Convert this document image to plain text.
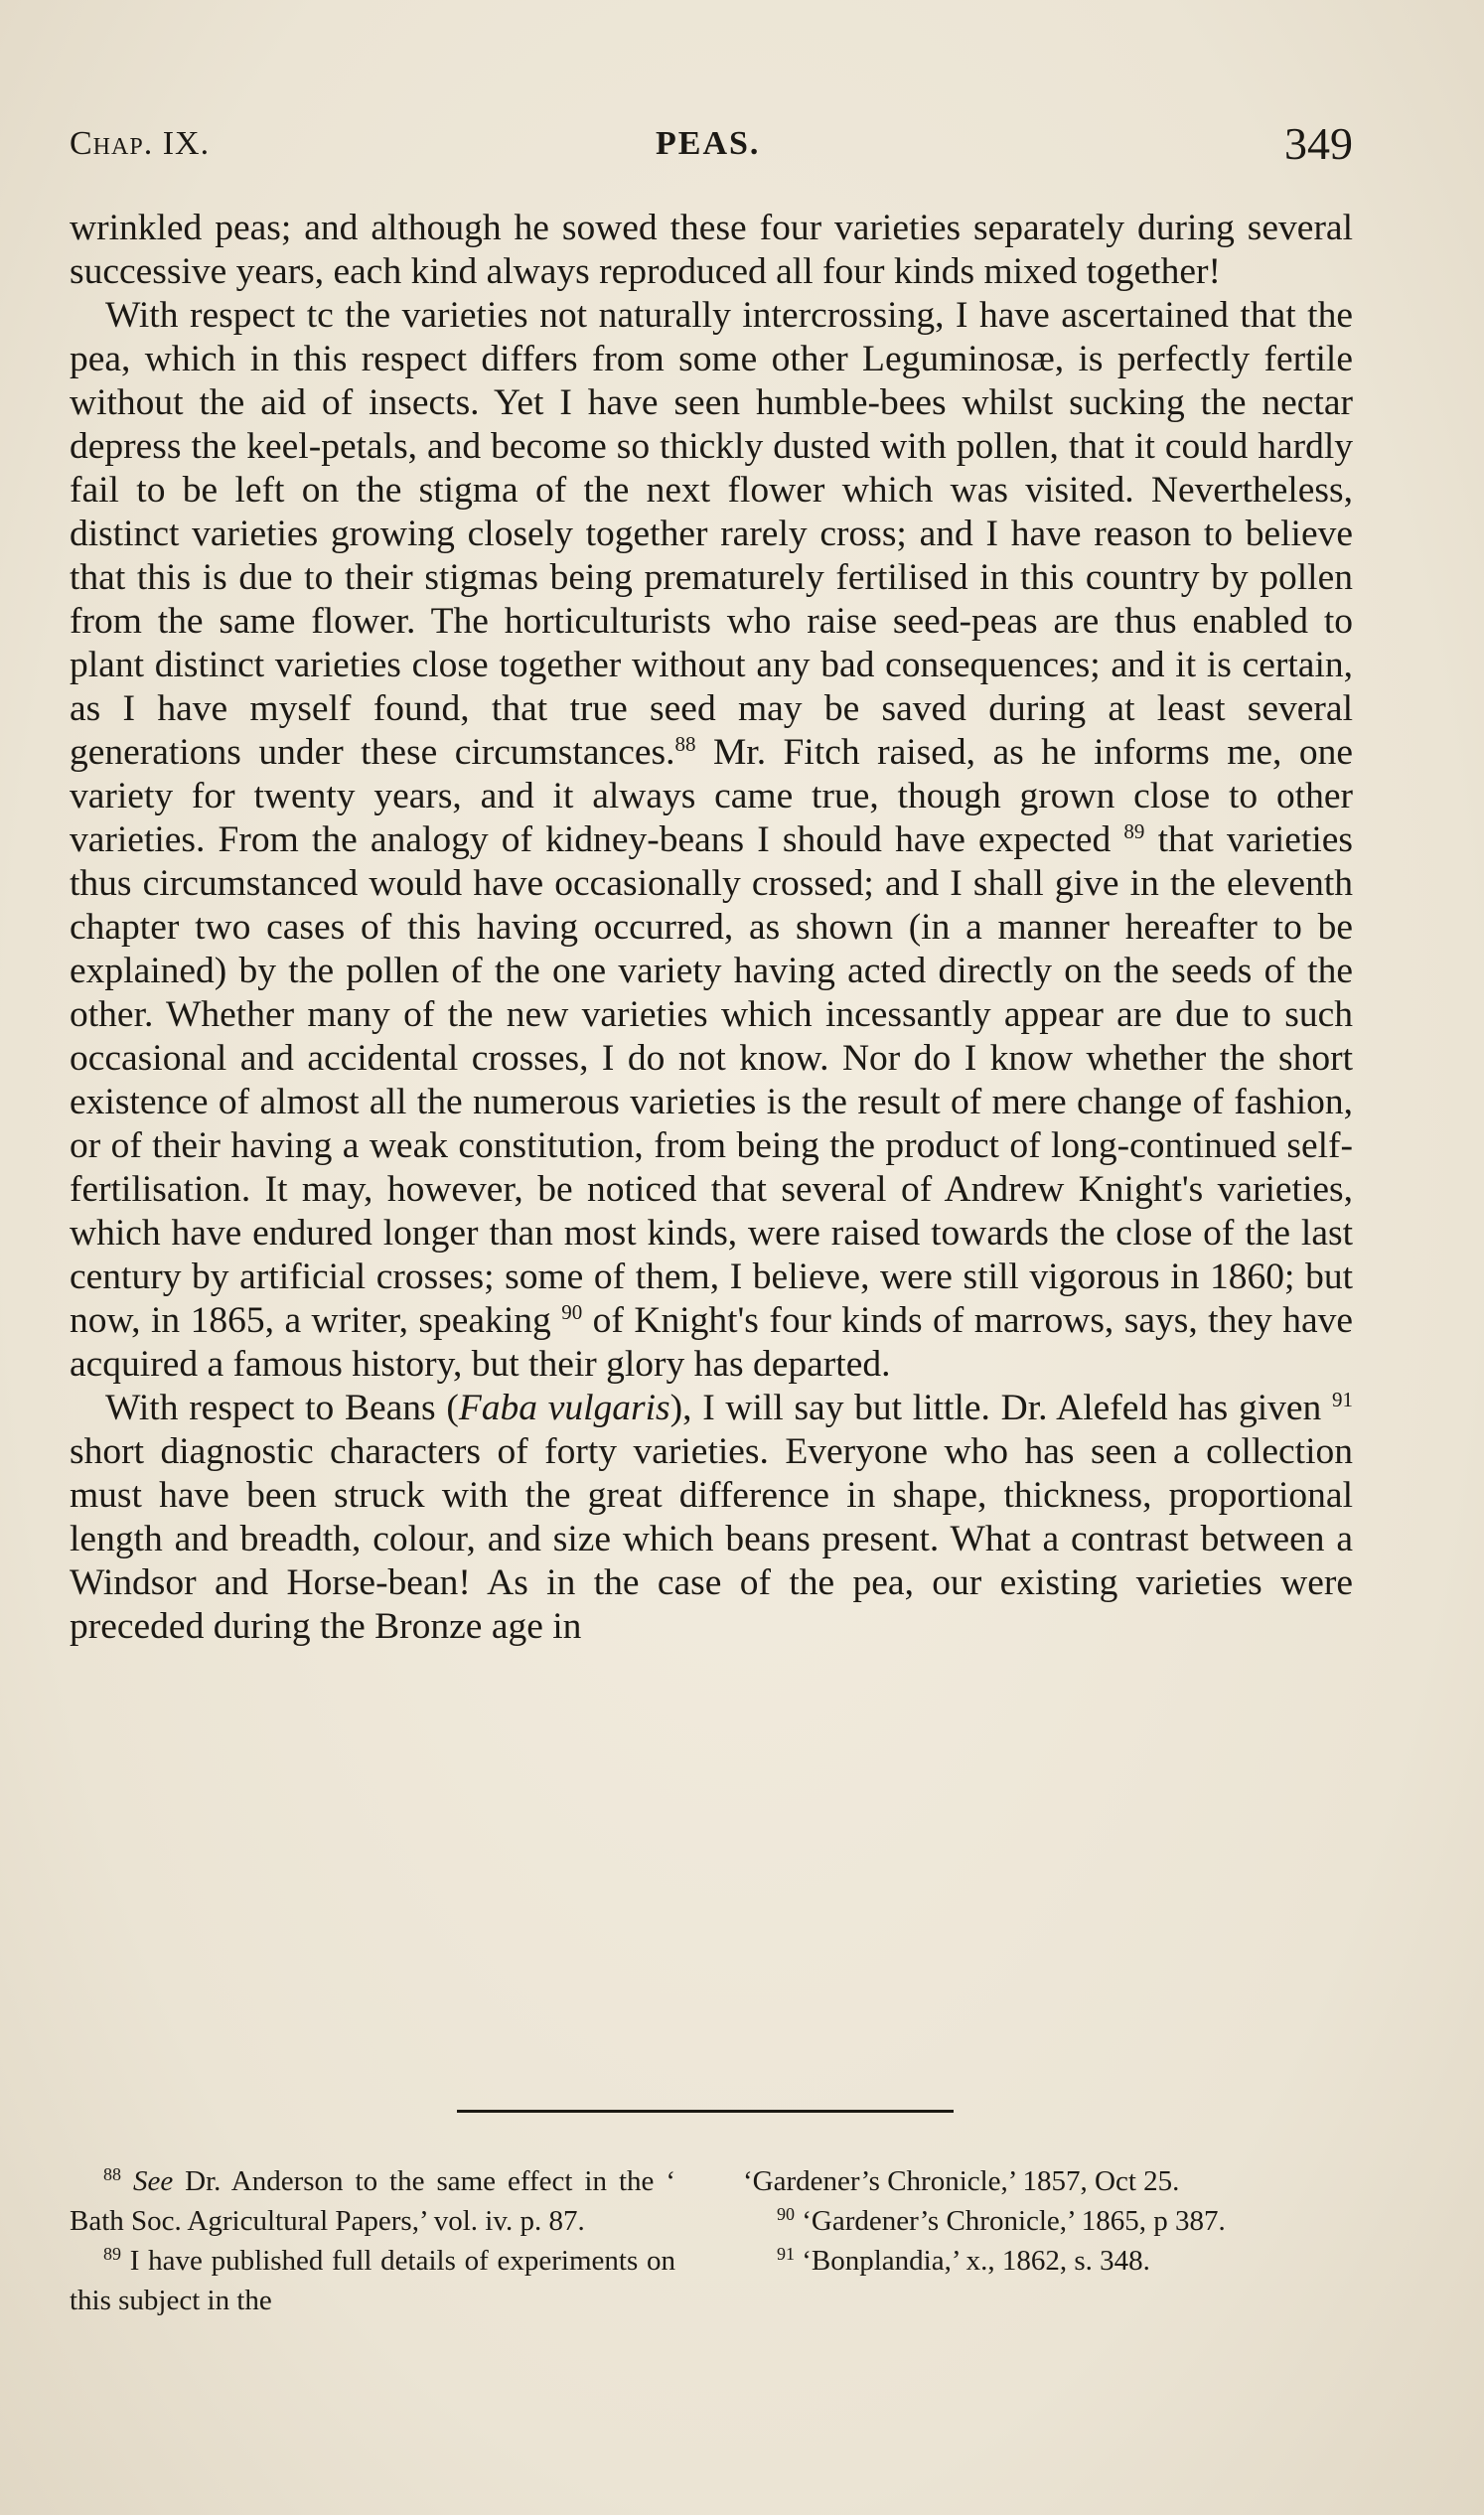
Chap. IX.	PEAS.	349

wrinkled peas; and although he sowed these four varieties separately during several successive years, each kind always reproduced all four kinds mixed together!

With respect tc the varieties not naturally intercrossing, I have ascertained that the pea, which in this respect differs from some other Leguminosæ, is perfectly fertile without the aid of insects. Yet I have seen humble-bees whilst sucking the nectar depress the keel-petals, and become so thickly dusted with pollen, that it could hardly fail to be left on the stigma of the next flower which was visited. Nevertheless, distinct varieties growing closely together rarely cross; and I have reason to believe that this is due to their stigmas being prematurely fertilised in this country by pollen from the same flower. The horticulturists who raise seed-peas are thus enabled to plant distinct varieties close together without any bad consequences; and it is certain, as I have myself found, that true seed may be saved during at least several generations under these circumstances.$^{88}$ Mr. Fitch raised, as he informs me, one variety for twenty years, and it always came true, though grown close to other varieties. From the analogy of kidney-beans I should have expected $^{89}$ that varieties thus circumstanced would have occasionally crossed; and I shall give in the eleventh chapter two cases of this having occurred, as shown (in a manner hereafter to be explained) by the pollen of the one variety having acted directly on the seeds of the other. Whether many of the new varieties which incessantly appear are due to such occasional and accidental crosses, I do not know. Nor do I know whether the short existence of almost all the numerous varieties is the result of mere change of fashion, or of their having a weak constitution, from being the product of long-continued self-fertilisation. It may, however, be noticed that several of Andrew Knight's varieties, which have endured longer than most kinds, were raised towards the close of the last century by artificial crosses; some of them, I believe, were still vigorous in 1860; but now, in 1865, a writer, speaking $^{90}$ of Knight's four kinds of marrows, says, they have acquired a famous history, but their glory has departed.

With respect to Beans (Faba vulgaris), I will say but little. Dr. Alefeld has given $^{91}$ short diagnostic characters of forty varieties. Everyone who has seen a collection must have been struck with the great difference in shape, thickness, proportional length and breadth, colour, and size which beans present. What a contrast between a Windsor and Horse-bean! As in the case of the pea, our existing varieties were preceded during the Bronze age in

$^{88}$ See Dr. Anderson to the same effect in the ‘ Bath Soc. Agricultural Papers,’ vol. iv. p. 87.

$^{89}$ I have published full details of experiments on this subject in the

‘Gardener’s Chronicle,’ 1857, Oct 25.

$^{90}$ ‘Gardener’s Chronicle,’ 1865, p 387.

$^{91}$ ‘Bonplandia,’ x., 1862, s. 348.
